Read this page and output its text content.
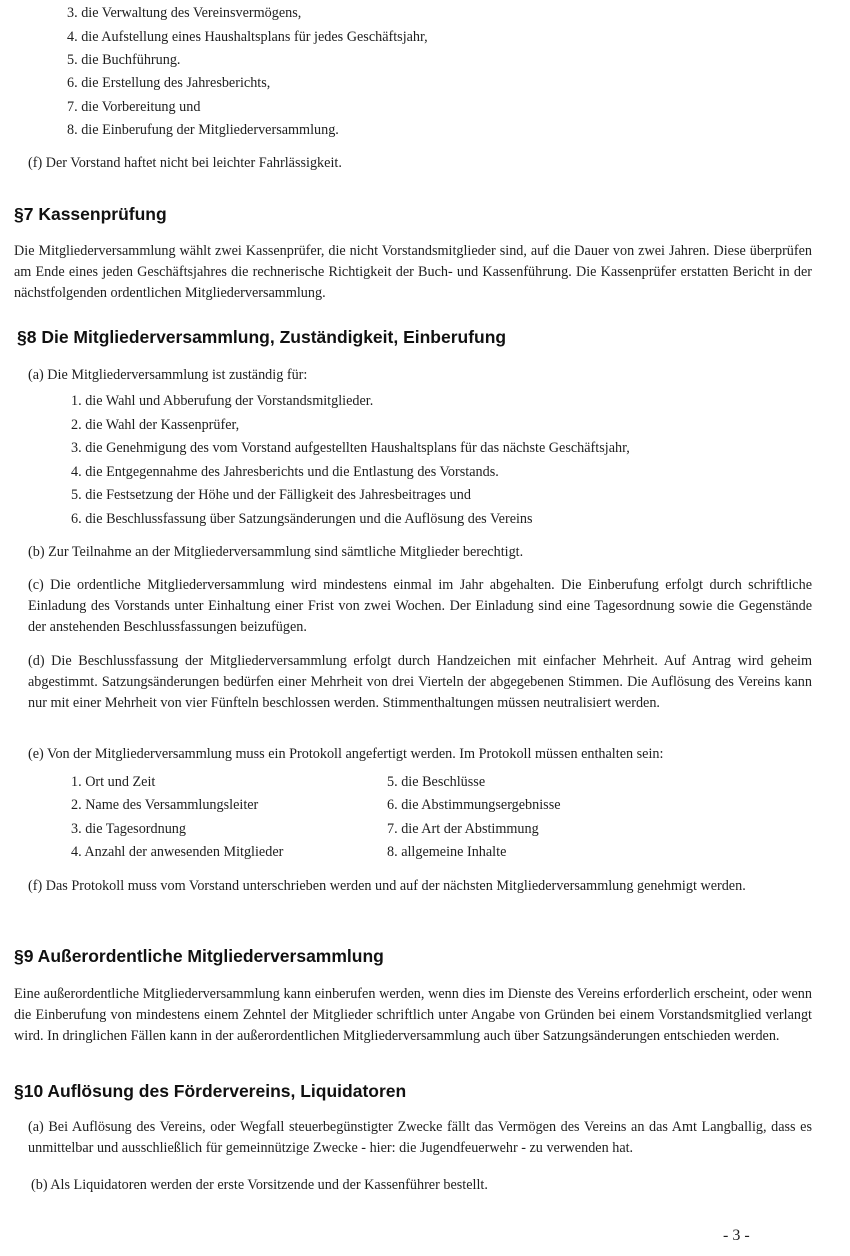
3. die Verwaltung des Vereinsvermögens,
4. die Aufstellung eines Haushaltsplans für jedes Geschäftsjahr,
5. die Buchführung.
6. die Erstellung des Jahresberichts,
7. die Vorbereitung und
8. die Einberufung der Mitgliederversammlung.
(f) Der Vorstand haftet nicht bei leichter Fahrlässigkeit.
§7 Kassenprüfung
Die Mitgliederversammlung wählt zwei Kassenprüfer, die nicht Vorstandsmitglieder sind, auf die Dauer von zwei Jahren. Diese überprüfen am Ende eines jeden Geschäftsjahres die rechnerische Richtigkeit der Buch- und Kassenführung. Die Kassenprüfer erstatten Bericht in der nächstfolgenden ordentlichen Mitgliederversammlung.
§8 Die Mitgliederversammlung, Zuständigkeit, Einberufung
(a) Die Mitgliederversammlung ist zuständig für:
1. die Wahl und Abberufung der Vorstandsmitglieder.
2. die Wahl der Kassenprüfer,
3. die Genehmigung des vom Vorstand aufgestellten Haushaltsplans für das nächste Geschäftsjahr,
4. die Entgegennahme des Jahresberichts und die Entlastung des Vorstands.
5. die Festsetzung der Höhe und der Fälligkeit des Jahresbeitrages und
6. die Beschlussfassung über Satzungsänderungen und die Auflösung des Vereins
(b) Zur Teilnahme an der Mitgliederversammlung sind sämtliche Mitglieder berechtigt.
(c) Die ordentliche Mitgliederversammlung wird mindestens einmal im Jahr abgehalten. Die Einberufung erfolgt durch schriftliche Einladung des Vorstands unter Einhaltung einer Frist von zwei Wochen. Der Einladung sind eine Tagesordnung sowie die Gegenstände der anstehenden Beschlussfassungen beizufügen.
(d) Die Beschlussfassung der Mitgliederversammlung erfolgt durch Handzeichen mit einfacher Mehrheit. Auf Antrag wird geheim abgestimmt. Satzungsänderungen bedürfen einer Mehrheit von drei Vierteln der abgegebenen Stimmen. Die Auflösung des Vereins kann nur mit einer Mehrheit von vier Fünfteln beschlossen werden. Stimmenthaltungen müssen neutralisiert werden.
(e) Von der Mitgliederversammlung muss ein Protokoll angefertigt werden. Im Protokoll müssen enthalten sein:
1. Ort und Zeit
2. Name des Versammlungsleiter
3. die Tagesordnung
4. Anzahl der anwesenden Mitglieder
5. die Beschlüsse
6. die Abstimmungsergebnisse
7. die Art der Abstimmung
8. allgemeine Inhalte
(f) Das Protokoll muss vom Vorstand unterschrieben werden und auf der nächsten Mitgliederversammlung genehmigt werden.
§9 Außerordentliche Mitgliederversammlung
Eine außerordentliche Mitgliederversammlung kann einberufen werden, wenn dies im Dienste des Vereins erforderlich erscheint, oder wenn die Einberufung von mindestens einem Zehntel der Mitglieder schriftlich unter Angabe von Gründen bei einem Vorstandsmitglied verlangt wird. In dringlichen Fällen kann in der außerordentlichen Mitgliederversammlung auch über Satzungsänderungen entschieden werden.
§10 Auflösung des Fördervereins, Liquidatoren
(a) Bei Auflösung des Vereins, oder Wegfall steuerbegünstigter Zwecke fällt das Vermögen des Vereins an das Amt Langballig, dass es unmittelbar und ausschließlich für gemeinnützige Zwecke - hier: die Jugendfeuerwehr - zu verwenden hat.
(b) Als Liquidatoren werden der erste Vorsitzende und der Kassenführer bestellt.
- 3 -
